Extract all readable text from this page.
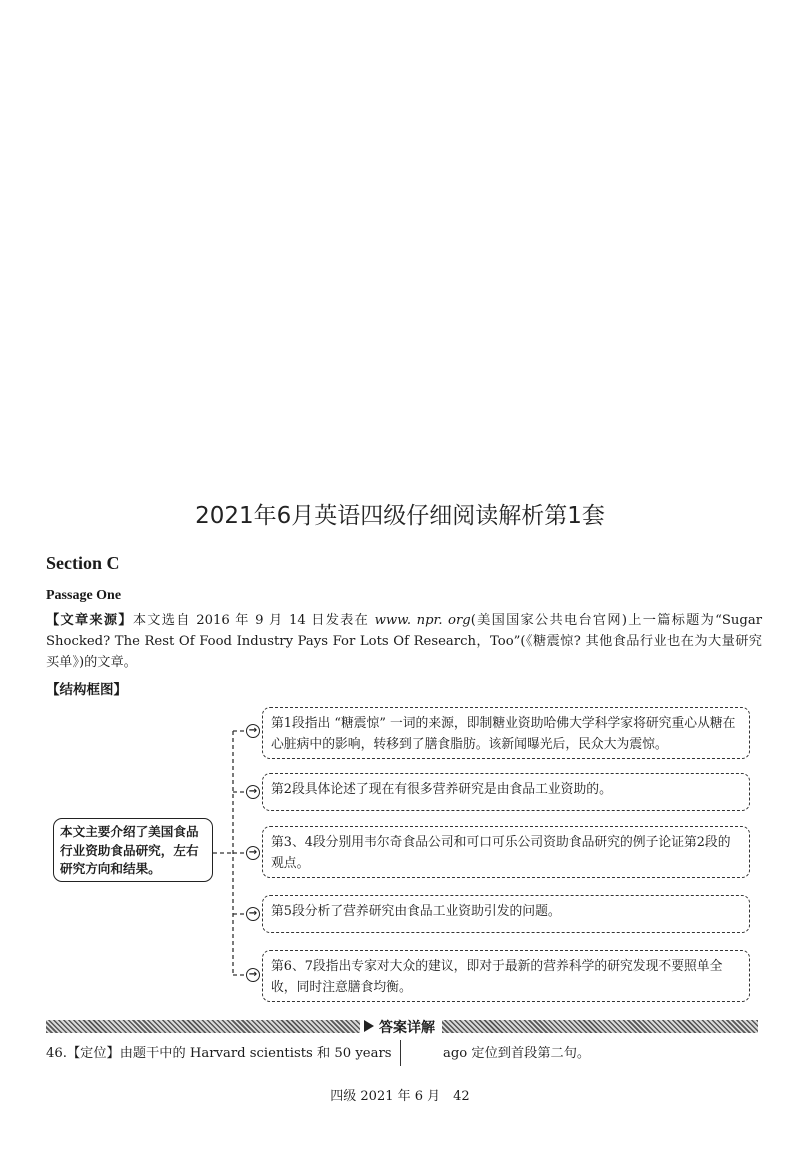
2021年6月英语四级仔细阅读解析第1套
Section C
Passage One
【文章来源】本文选自 2016 年 9 月 14 日发表在 www. npr. org(美国国家公共电台官网)上一篇标题为“Sugar Shocked? The Rest Of Food Industry Pays For Lots Of Research，Too”(《糖震惊? 其他食品行业也在为大量研究买单》)的文章。
【结构框图】
本文主要介绍了美国食品行业资助食品研究，左右研究方向和结果。
→
→
→
→
→
第1段指出 “糖震惊” 一词的来源，即制糖业资助哈佛大学科学家将研究重心从糖在心脏病中的影响，转移到了膳食脂肪。该新闻曝光后，民众大为震惊。
第2段具体论述了现在有很多营养研究是由食品工业资助的。
第3、4段分别用韦尔奇食品公司和可口可乐公司资助食品研究的例子论证第2段的观点。
第5段分析了营养研究由食品工业资助引发的问题。
第6、7段指出专家对大众的建议，即对于最新的营养科学的研究发现不要照单全收，同时注意膳食均衡。
答案详解
46.【定位】由题干中的 Harvard scientists 和 50 years	ago 定位到首段第二句。
四级 2021 年 6 月　42
